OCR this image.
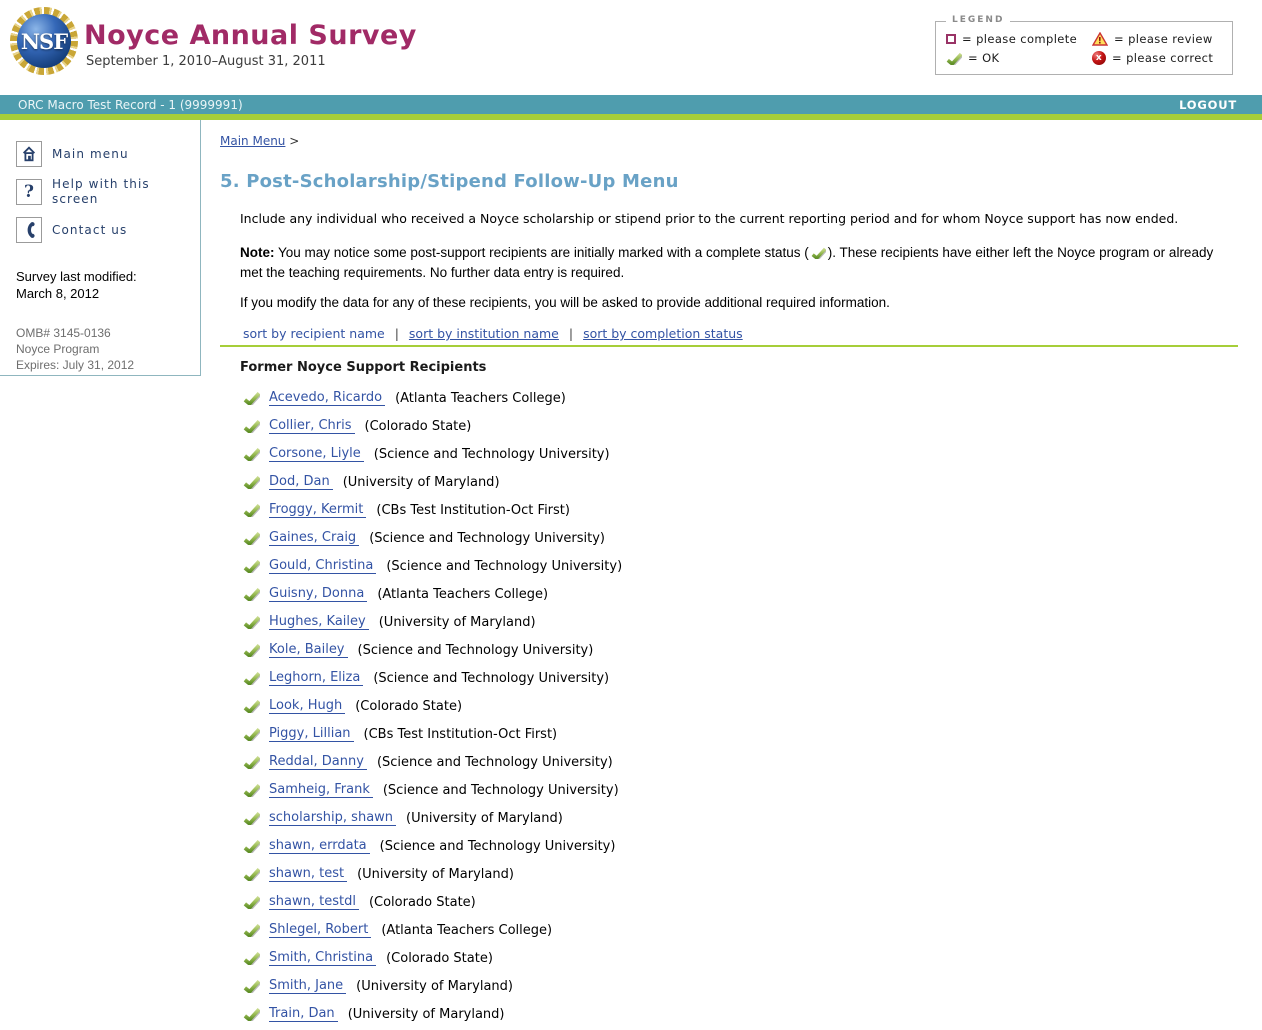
NSF Noyce Annual Survey
September 1, 2010–August 31, 2011
LEGEND
= please complete ! = please review
= OK	x = please correct
ORC Macro Test Record - 1 (9999991)	LOGOUT
Main menu
? Help with this screen
Contact us
Survey last modified:
March 8, 2012
OMB# 3145-0136
Noyce Program
Expires: July 31, 2012
Main Menu >
5. Post-Scholarship/Stipend Follow-Up Menu

Include any individual who received a Noyce scholarship or stipend prior to the current reporting period and for whom Noyce support has now ended.

Note: You may notice some post-support recipients are initially marked with a complete status ( ). These recipients have either left the Noyce program or already met the teaching requirements. No further data entry is required.

If you modify the data for any of these recipients, you will be asked to provide additional required information.

sort by recipient name | sort by institution name | sort by completion status
Former Noyce Support Recipients
Acevedo, Ricardo (Atlanta Teachers College)
Collier, Chris (Colorado State)
Corsone, Liyle (Science and Technology University)
Dod, Dan (University of Maryland)
Froggy, Kermit (CBs Test Institution-Oct First)
Gaines, Craig (Science and Technology University)
Gould, Christina (Science and Technology University)
Guisny, Donna (Atlanta Teachers College)
Hughes, Kailey (University of Maryland)
Kole, Bailey (Science and Technology University)
Leghorn, Eliza (Science and Technology University)
Look, Hugh (Colorado State)
Piggy, Lillian (CBs Test Institution-Oct First)
Reddal, Danny (Science and Technology University)
Samheig, Frank (Science and Technology University)
scholarship, shawn (University of Maryland)
shawn, errdata (Science and Technology University)
shawn, test (University of Maryland)
shawn, testdl (Colorado State)
Shlegel, Robert (Atlanta Teachers College)
Smith, Christina (Colorado State)
Smith, Jane (University of Maryland)
Train, Dan (University of Maryland)
